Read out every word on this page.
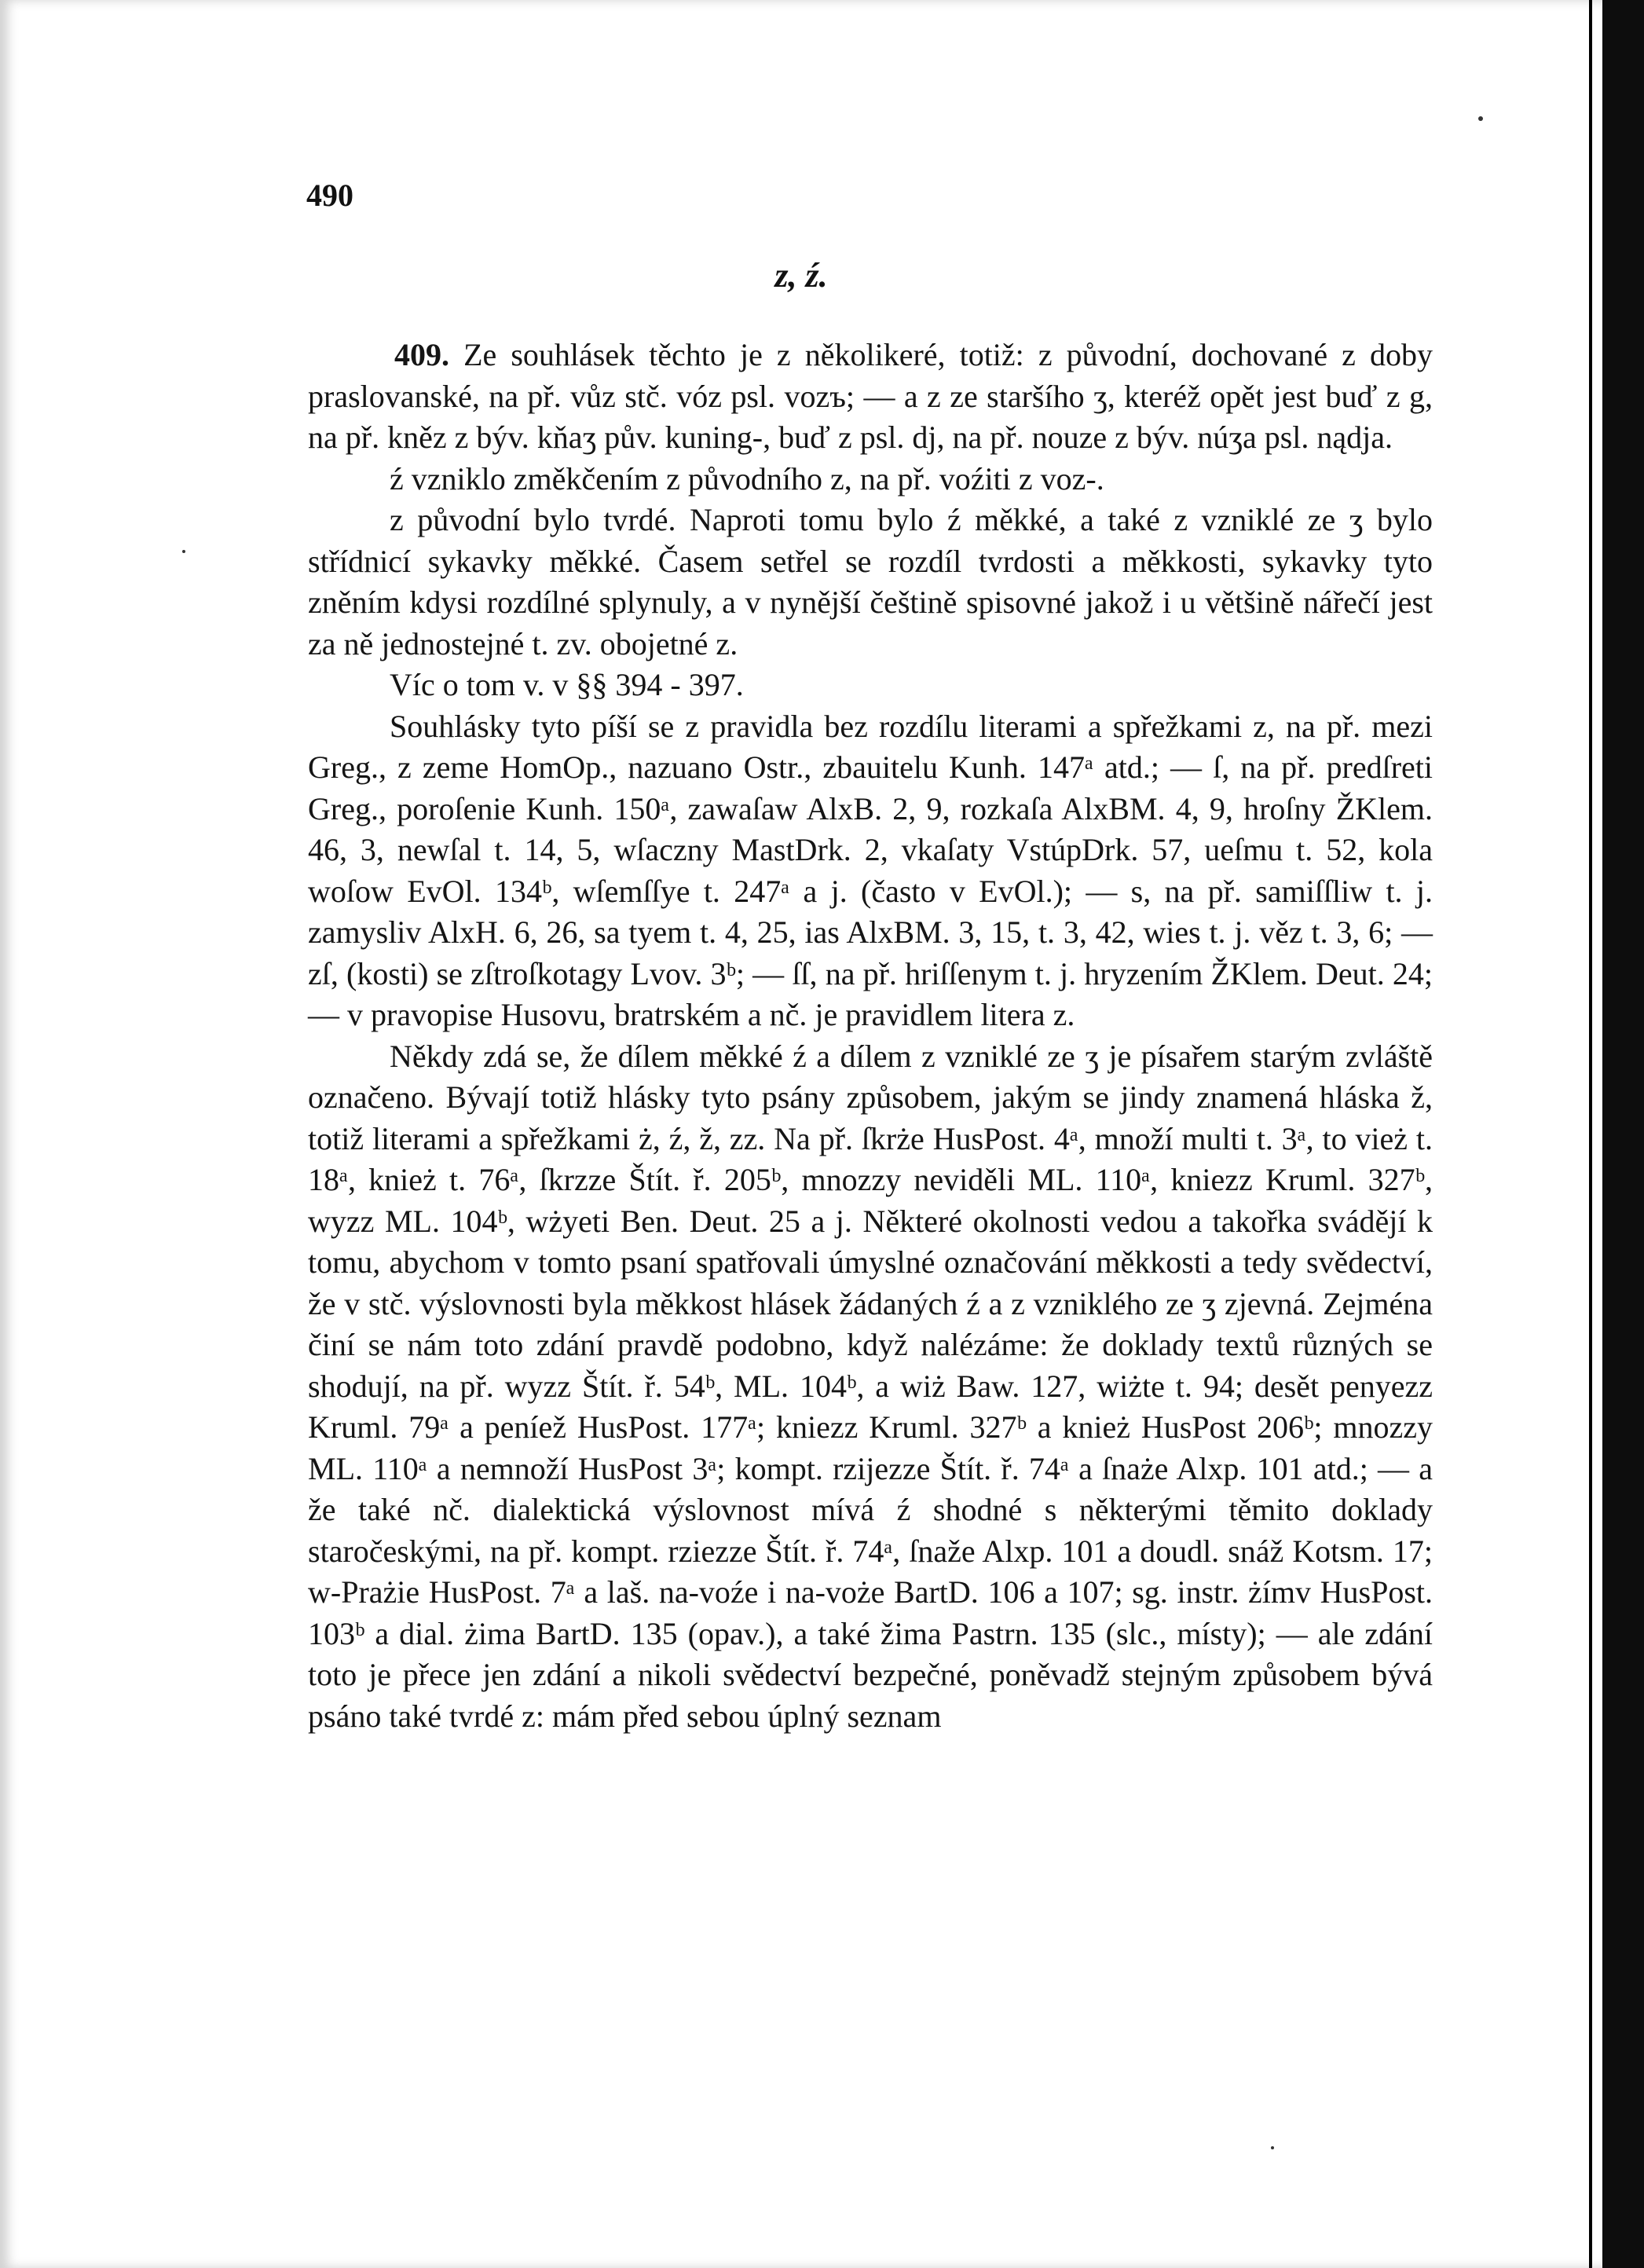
490
z, ź.

409. Ze souhlásek těchto je z několikeré, totiž: z původní, dochované z doby praslovanské, na př. vůz stč. vóz psl. vozъ; — a z ze staršího ʒ, kteréž opět jest buď z g, na př. kněz z býv. kňaʒ pův. kuning-, buď z psl. dj, na př. nouze z býv. núʒa psl. nądja.

ź vzniklo změkčením z původního z, na př. voźiti z voz-.

z původní bylo tvrdé. Naproti tomu bylo ź měkké, a také z vzniklé ze ʒ bylo střídnicí sykavky měkké. Časem setřel se rozdíl tvrdosti a měkkosti, sykavky tyto zněním kdysi rozdílné splynuly, a v nynější češtině spisovné jakož i u většině nářečí jest za ně jednostejné t. zv. obojetné z.

Víc o tom v. v §§ 394 - 397.

Souhlásky tyto píší se z pravidla bez rozdílu literami a spřežkami z, na př. mezi Greg., z zeme HomOp., nazuano Ostr., zbauitelu Kunh. 147ᵃ atd.; — ſ, na př. predſreti Greg., poroſenie Kunh. 150ᵃ, zawaſaw AlxB. 2, 9, rozkaſa AlxBM. 4, 9, hroſny ŽKlem. 46, 3, newſal t. 14, 5, wſaczny MastDrk. 2, vkaſaty VstúpDrk. 57, ueſmu t. 52, kola woſow EvOl. 134ᵇ, wſemſſye t. 247ᵃ a j. (často v EvOl.); — s, na př. samiſſliw t. j. zamysliv AlxH. 6, 26, sa tyem t. 4, 25, ias AlxBM. 3, 15, t. 3, 42, wies t. j. věz t. 3, 6; — zſ, (kosti) se zſtroſkotagy Lvov. 3ᵇ; — ſſ, na př. hriſſenym t. j. hryzením ŽKlem. Deut. 24; — v pravopise Husovu, bratrském a nč. je pravidlem litera z.

Někdy zdá se, že dílem měkké ź a dílem z vzniklé ze ʒ je písařem starým zvláště označeno. Bývají totiž hlásky tyto psány způsobem, jakým se jindy znamená hláska ž, totiž literami a spřežkami ż, ź, ž, zz. Na př. ſkrże HusPost. 4ᵃ, množí multi t. 3ᵃ, to vież t. 18ᵃ, knież t. 76ᵃ, ſkrzze Štít. ř. 205ᵇ, mnozzy neviděli ML. 110ᵃ, kniezz Kruml. 327ᵇ, wyzz ML. 104ᵇ, wżyeti Ben. Deut. 25 a j. Některé okolnosti vedou a takořka svádějí k tomu, abychom v tomto psaní spatřovali úmyslné označování měkkosti a tedy svědectví, že v stč. výslovnosti byla měkkost hlásek žádaných ź a z vzniklého ze ʒ zjevná. Zejména činí se nám toto zdání pravdě podobno, když nalézáme: že doklady textů různých se shodují, na př. wyzz Štít. ř. 54ᵇ, ML. 104ᵇ, a wiż Baw. 127, wiżte t. 94; desět penyezz Kruml. 79ᵃ a peníež HusPost. 177ᵃ; kniezz Kruml. 327ᵇ a knież HusPost 206ᵇ; mnozzy ML. 110ᵃ a nemnoží HusPost 3ᵃ; kompt. rzijezze Štít. ř. 74ᵃ a ſnaże Alxp. 101 atd.; — a že také nč. dialektická výslovnost mívá ź shodné s některými těmito doklady staročeskými, na př. kompt. rziezze Štít. ř. 74ᵃ, ſnaže Alxp. 101 a doudl. snáž Kotsm. 17; w-Prażie HusPost. 7ᵃ a laš. na-voźe i na-voże BartD. 106 a 107; sg. instr. żímv HusPost. 103ᵇ a dial. żima BartD. 135 (opav.), a také žima Pastrn. 135 (slc., místy); — ale zdání toto je přece jen zdání a nikoli svědectví bezpečné, poněvadž stejným způsobem bývá psáno také tvrdé z: mám před sebou úplný seznam
